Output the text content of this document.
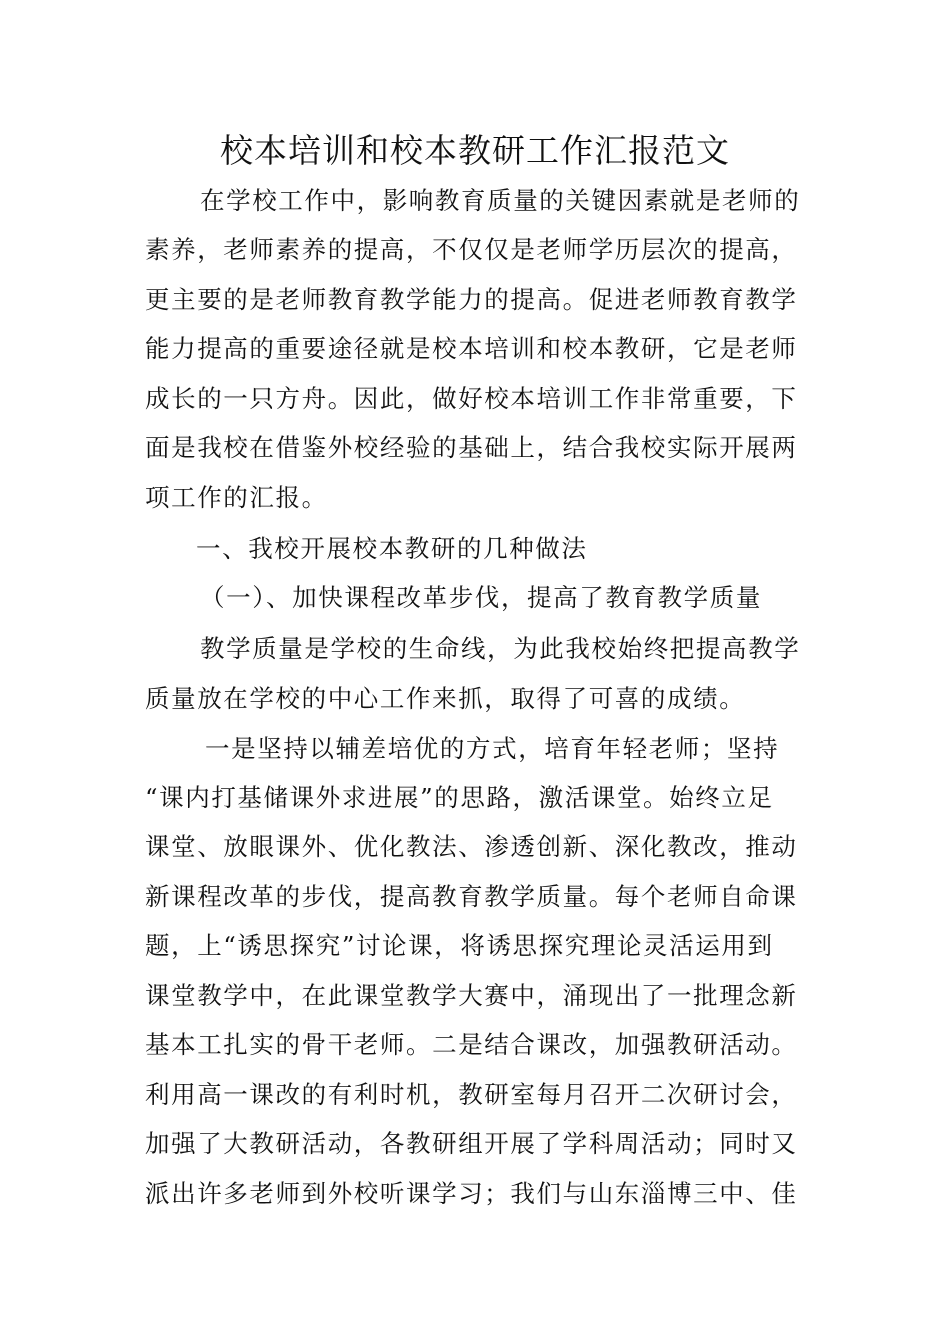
校本培训和校本教研工作汇报范文
在学校工作中，影响教育质量的关键因素就是老师的
素养，老师素养的提高，不仅仅是老师学历层次的提高，
更主要的是老师教育教学能力的提高。促进老师教育教学
能力提高的重要途径就是校本培训和校本教研，它是老师
成长的一只方舟。因此，做好校本培训工作非常重要，下
面是我校在借鉴外校经验的基础上，结合我校实际开展两
项工作的汇报。
一、我校开展校本教研的几种做法
（一）、加快课程改革步伐，提高了教育教学质量
教学质量是学校的生命线，为此我校始终把提高教学
质量放在学校的中心工作来抓，取得了可喜的成绩。
一是坚持以辅差培优的方式，培育年轻老师；坚持
“课内打基储课外求进展”的思路，激活课堂。始终立足
课堂、放眼课外、优化教法、渗透创新、深化教改，推动
新课程改革的步伐，提高教育教学质量。每个老师自命课
题，上“诱思探究”讨论课，将诱思探究理论灵活运用到
课堂教学中，在此课堂教学大赛中，涌现出了一批理念新
基本工扎实的骨干老师。二是结合课改，加强教研活动。
利用高一课改的有利时机，教研室每月召开二次研讨会，
加强了大教研活动，各教研组开展了学科周活动；同时又
派出许多老师到外校听课学习；我们与山东淄博三中、佳
